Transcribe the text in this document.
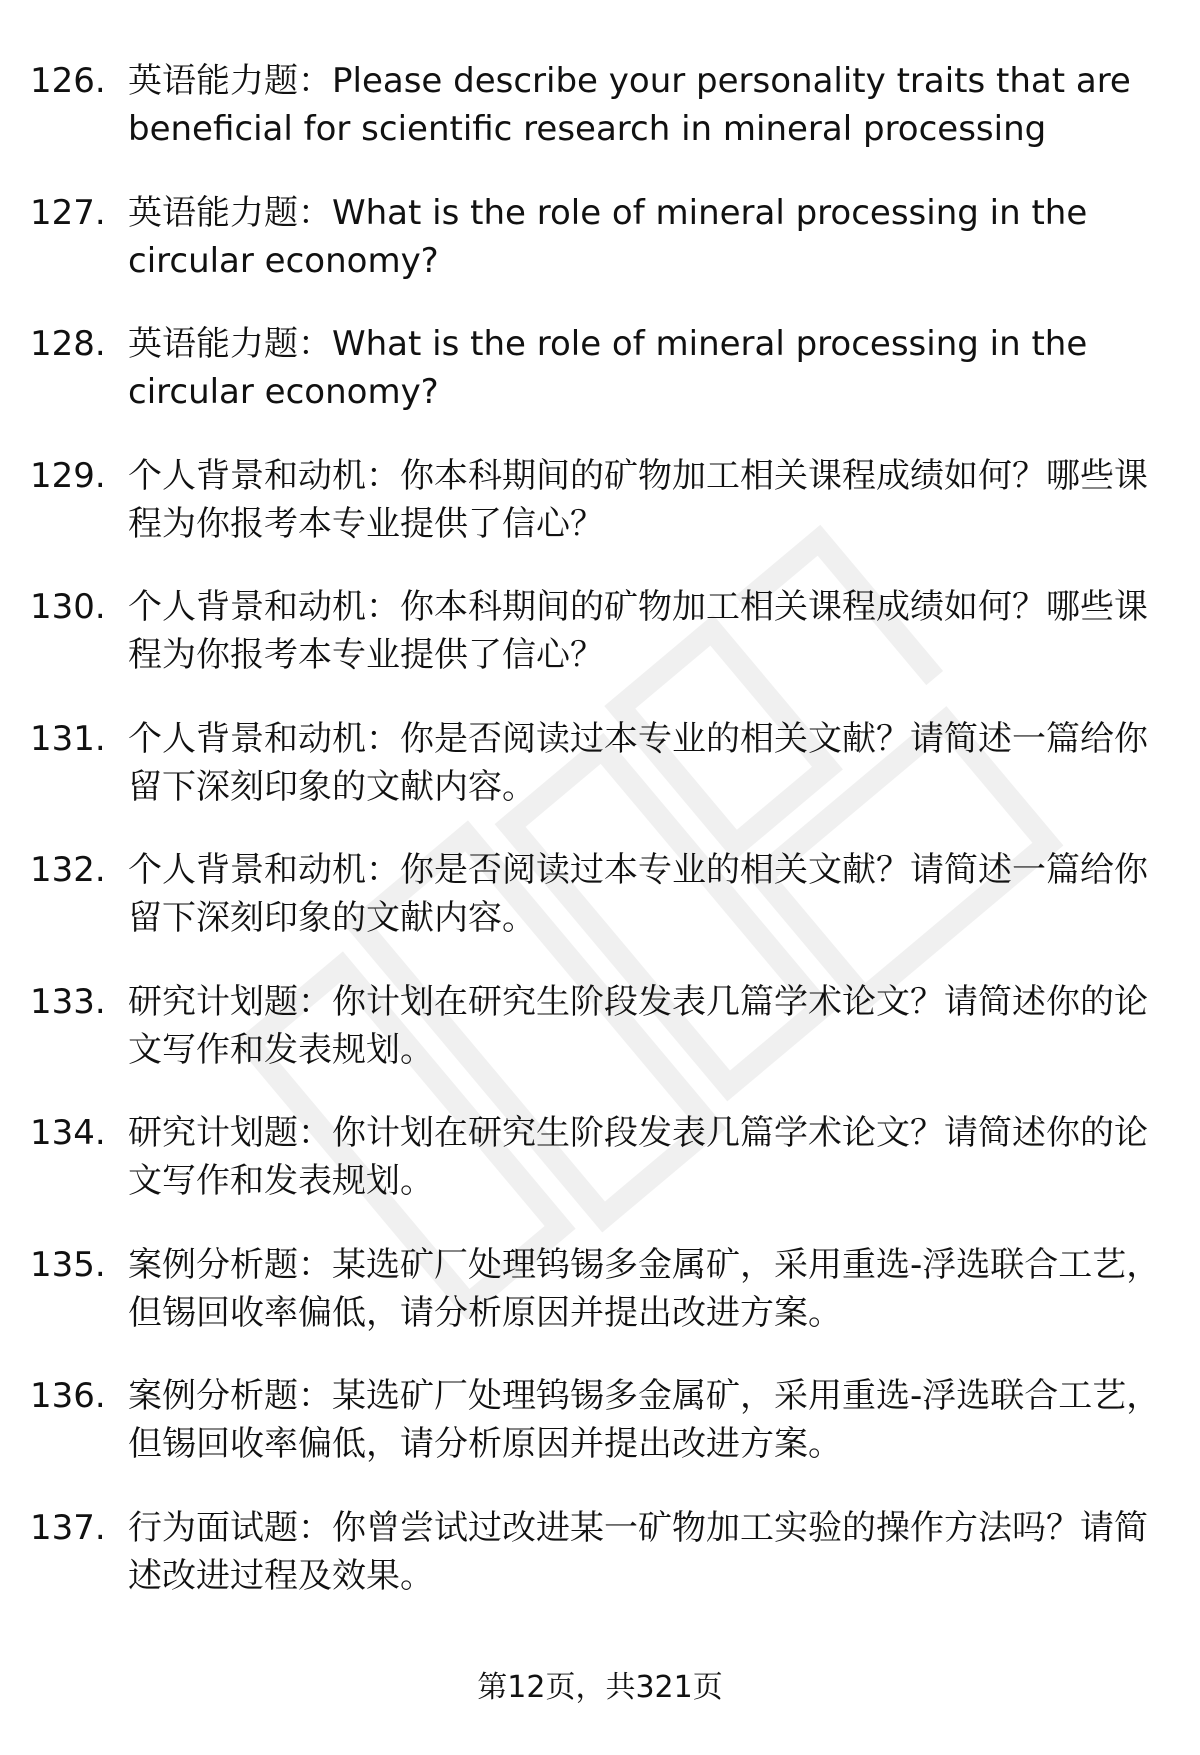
126. 英语能力题：Please describe your personality traits that are beneficial for scientific research in mineral processing
127. 英语能力题：What is the role of mineral processing in the circular economy?
128. 英语能力题：What is the role of mineral processing in the circular economy?
129. 个人背景和动机：你本科期间的矿物加工相关课程成绩如何？哪些课程为你报考本专业提供了信心？
130. 个人背景和动机：你本科期间的矿物加工相关课程成绩如何？哪些课程为你报考本专业提供了信心？
131. 个人背景和动机：你是否阅读过本专业的相关文献？请简述一篇给你留下深刻印象的文献内容。
132. 个人背景和动机：你是否阅读过本专业的相关文献？请简述一篇给你留下深刻印象的文献内容。
133. 研究计划题：你计划在研究生阶段发表几篇学术论文？请简述你的论文写作和发表规划。
134. 研究计划题：你计划在研究生阶段发表几篇学术论文？请简述你的论文写作和发表规划。
135. 案例分析题：某选矿厂处理钨锡多金属矿，采用重选-浮选联合工艺，但锡回收率偏低，请分析原因并提出改进方案。
136. 案例分析题：某选矿厂处理钨锡多金属矿，采用重选-浮选联合工艺，但锡回收率偏低，请分析原因并提出改进方案。
137. 行为面试题：你曾尝试过改进某一矿物加工实验的操作方法吗？请简述改进过程及效果。
第12页，共321页
